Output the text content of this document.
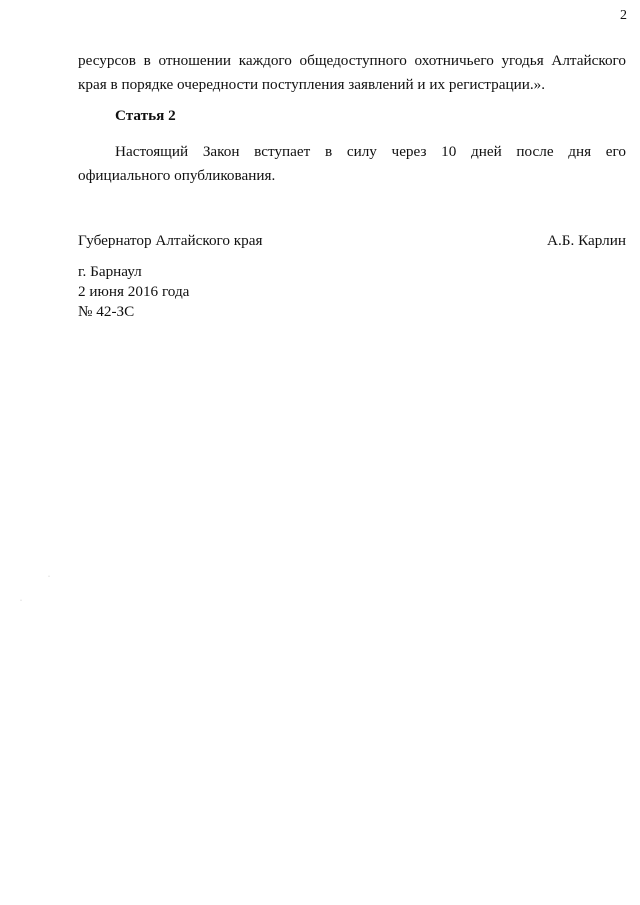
2
ресурсов в отношении каждого общедоступного охотничьего угодья Алтайского
края в порядке очередности поступления заявлений и их регистрации.».
Статья 2
Настоящий Закон вступает в силу через 10 дней после дня его
официального опубликования.
Губернатор Алтайского края	А.Б. Карлин
г. Барнаул
2 июня 2016 года
№ 42-ЗС
·
·
